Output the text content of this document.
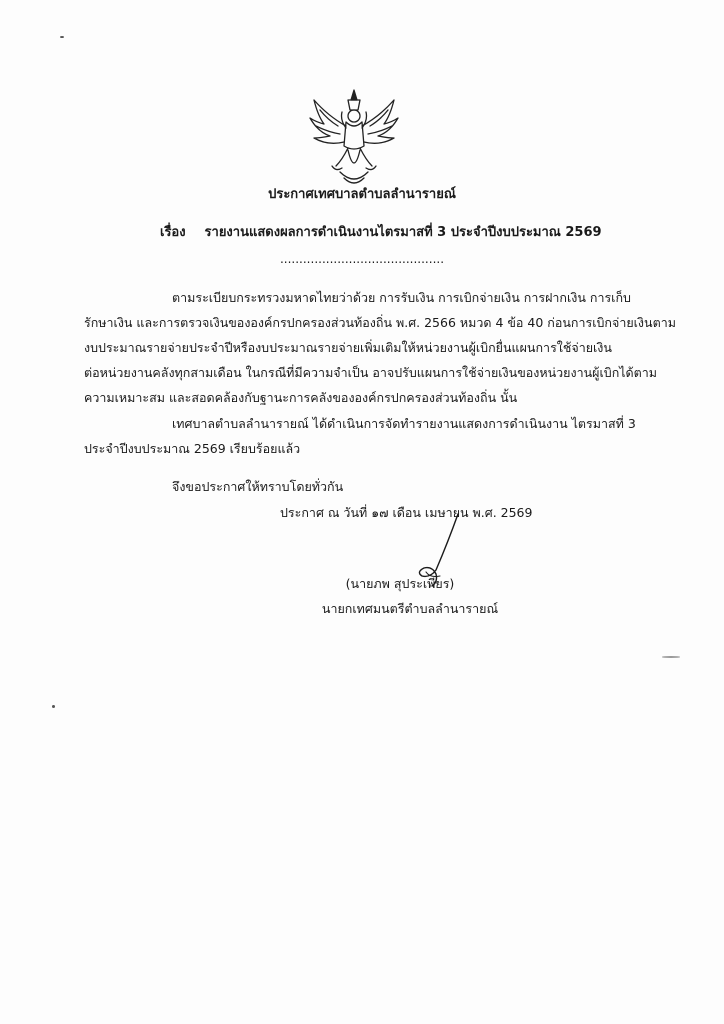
ประกาศเทศบาลตำบลลำนารายณ์
เรื่อง รายงานแสดงผลการดำเนินงานไตรมาสที่ 3 ประจำปีงบประมาณ 2569
...........................................
ตามระเบียบกระทรวงมหาดไทยว่าด้วย การรับเงิน การเบิกจ่ายเงิน การฝากเงิน การเก็บ
รักษาเงิน และการตรวจเงินขององค์กรปกครองส่วนท้องถิ่น พ.ศ. 2566 หมวด 4 ข้อ 40 ก่อนการเบิกจ่ายเงินตาม
งบประมาณรายจ่ายประจำปีหรืองบประมาณรายจ่ายเพิ่มเติมให้หน่วยงานผู้เบิกยื่นแผนการใช้จ่ายเงิน
ต่อหน่วยงานคลังทุกสามเดือน ในกรณีที่มีความจำเป็น อาจปรับแผนการใช้จ่ายเงินของหน่วยงานผู้เบิกได้ตาม
ความเหมาะสม และสอดคล้องกับฐานะการคลังขององค์กรปกครองส่วนท้องถิ่น นั้น
เทศบาลตำบลลำนารายณ์ ได้ดำเนินการจัดทำรายงานแสดงการดำเนินงาน ไตรมาสที่ 3
ประจำปีงบประมาณ 2569 เรียบร้อยแล้ว
จึงขอประกาศให้ทราบโดยทั่วกัน
ประกาศ ณ วันที่ ๑๗ เดือน เมษายน พ.ศ. 2569
(นายภพ สุประเพียร)
นายกเทศมนตรีตำบลลำนารายณ์
